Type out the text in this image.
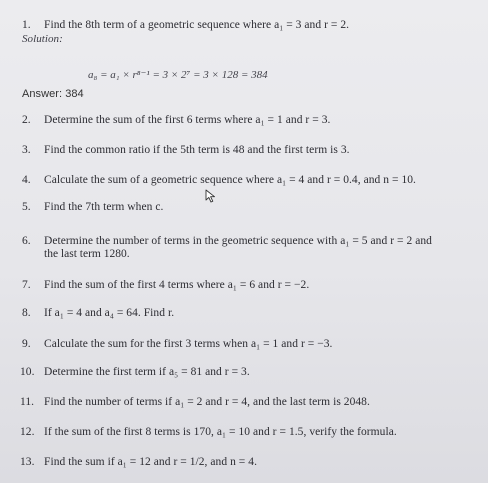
1. Find the 8th term of a geometric sequence where a₁ = 3 and r = 2.
Solution:
a₈ = a₁ × r⁸⁻¹ = 3 × 2⁷ = 3 × 128 = 384
Answer: 384
2. Determine the sum of the first 6 terms where a₁ = 1 and r = 3.
3. Find the common ratio if the 5th term is 48 and the first term is 3.
4. Calculate the sum of a geometric sequence where a₁ = 4 and r = 0.4, and n = 10.
5. Find the 7th term when c.
6. Determine the number of terms in the geometric sequence with a₁ = 5 and r = 2 and
the last term 1280.
7. Find the sum of the first 4 terms where a₁ = 6 and r = −2.
8. If a₁ = 4 and a₄ = 64. Find r.
9. Calculate the sum for the first 3 terms when a₁ = 1 and r = −3.
10. Determine the first term if a₅ = 81 and r = 3.
11. Find the number of terms if a₁ = 2 and r = 4, and the last term is 2048.
12. If the sum of the first 8 terms is 170, a₁ = 10 and r = 1.5, verify the formula.
13. Find the sum if a₁ = 12 and r = 1/2, and n = 4.
